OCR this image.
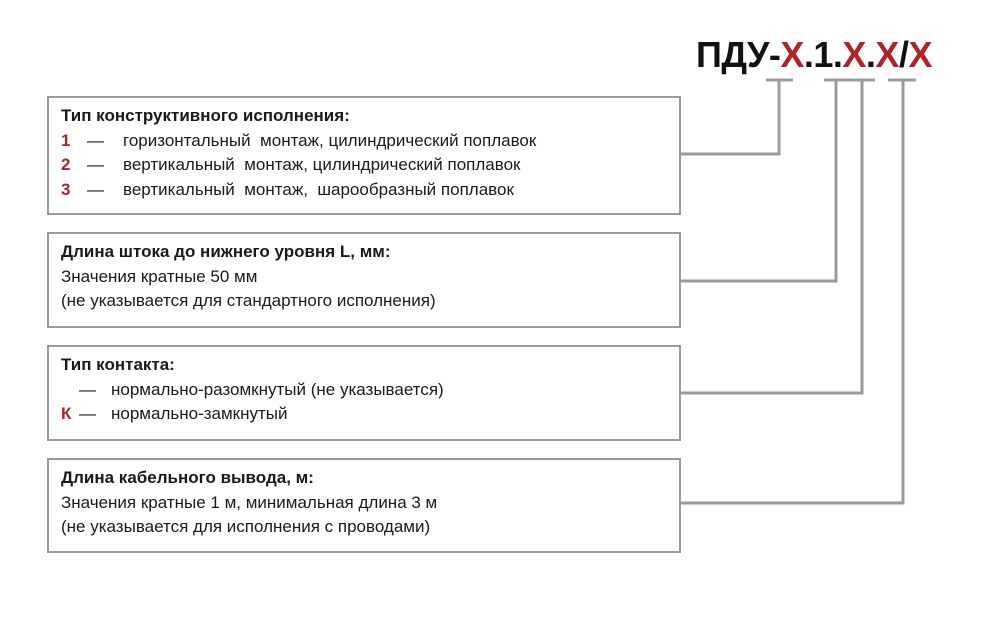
ПДУ-X.1.X.X/X
Тип конструктивного исполнения:
1 — горизонтальный  монтаж, цилиндрический поплавок
2 — вертикальный  монтаж, цилиндрический поплавок
3 — вертикальный  монтаж,  шарообразный поплавок
Длина штока до нижнего уровня L, мм:
Значения кратные 50 мм
(не указывается для стандартного исполнения)
Тип контакта:
— нормально-разомкнутый (не указывается)
К — нормально-замкнутый
Длина кабельного вывода, м:
Значения кратные 1 м, минимальная длина 3 м
(не указывается для исполнения с проводами)
